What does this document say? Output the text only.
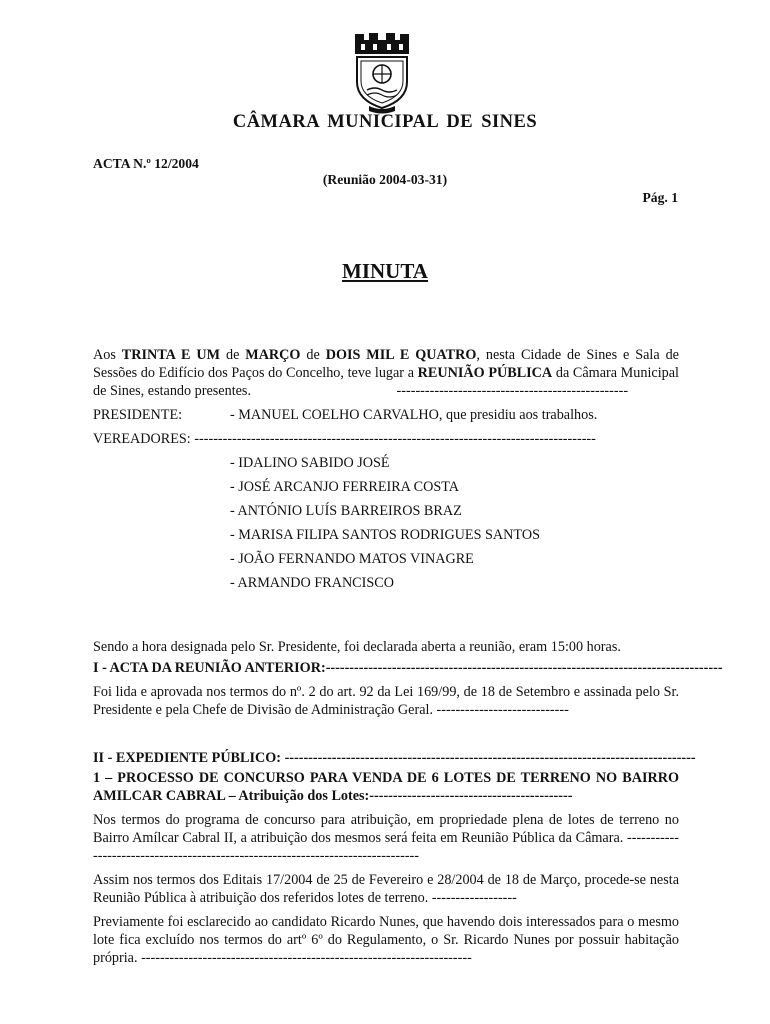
CÂMARA MUNICIPAL DE SINES
ACTA N.º 12/2004
(Reunião 2004-03-31)
Pág. 1
MINUTA

Aos TRINTA E UM de MARÇO de DOIS MIL E QUATRO, nesta Cidade de Sines e Sala de Sessões do Edifício dos Paços do Concelho, teve lugar a REUNIÃO PÚBLICA da Câmara Municipal de Sines, estando presentes.	-------------------------------------------------
PRESIDENTE:	- MANUEL COELHO CARVALHO, que presidiu aos trabalhos.
VEREADORES: -------------------------------------------------------------------------------------
- IDALINO SABIDO JOSÉ
- JOSÉ ARCANJO FERREIRA COSTA
- ANTÓNIO LUÍS BARREIROS BRAZ
- MARISA FILIPA SANTOS RODRIGUES SANTOS
- JOÃO FERNANDO MATOS VINAGRE
- ARMANDO FRANCISCO

Sendo a hora designada pelo Sr. Presidente, foi declarada aberta a reunião, eram 15:00 horas.

I - ACTA DA REUNIÃO ANTERIOR: ------------------------------------------------------------------------------------

Foi lida e aprovada nos termos do nº. 2 do art. 92 da Lei 169/99, de 18 de Setembro e assinada pelo Sr. Presidente e pela Chefe de Divisão de Administração Geral. ----------------------------

II - EXPEDIENTE PÚBLICO: ---------------------------------------------------------------------------------------

1 – PROCESSO DE CONCURSO PARA VENDA DE 6 LOTES DE TERRENO NO BAIRRO AMILCAR CABRAL – Atribuição dos Lotes:-------------------------------------------

Nos termos do programa de concurso para atribuição, em propriedade plena de lotes de terreno no Bairro Amílcar Cabral II, a atribuição dos mesmos será feita em Reunião Pública da Câmara. --------------------------------------------------------------------------------

Assim nos termos dos Editais 17/2004 de 25 de Fevereiro e 28/2004 de 18 de Março, procede-se nesta Reunião Pública à atribuição dos referidos lotes de terreno. ------------------

Previamente foi esclarecido ao candidato Ricardo Nunes, que havendo dois interessados para o mesmo lote fica excluído nos termos do artº 6º do Regulamento, o Sr. Ricardo Nunes por possuir habitação própria. ----------------------------------------------------------------------
